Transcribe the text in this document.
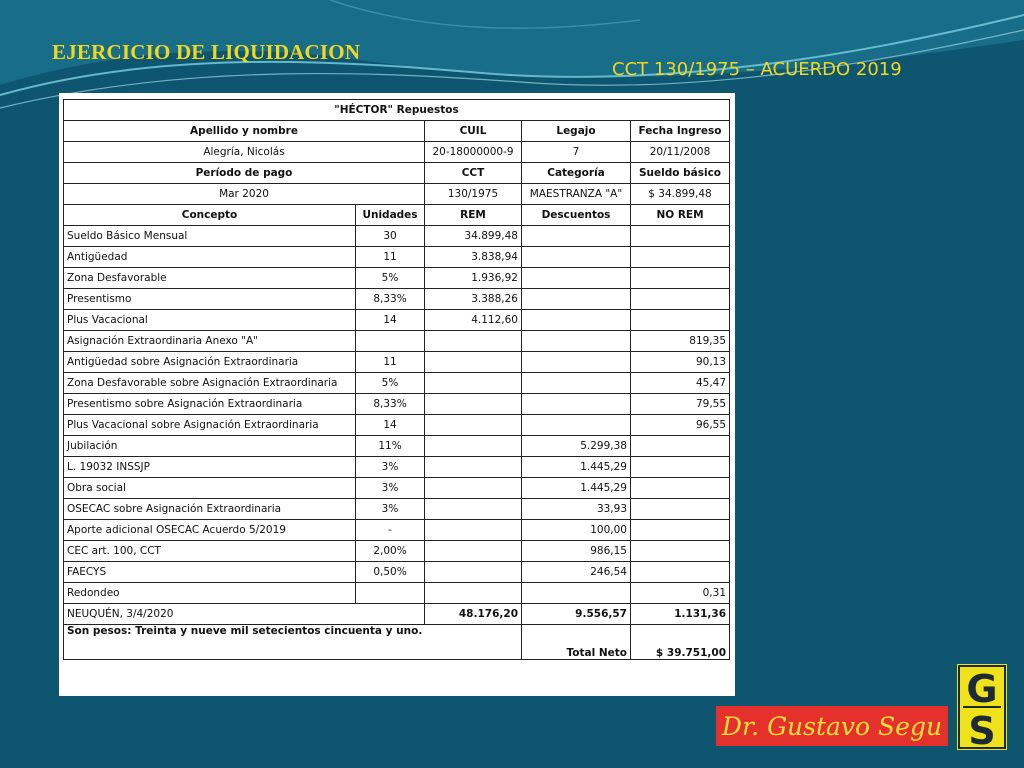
EJERCICIO DE LIQUIDACION
CCT 130/1975 – ACUERDO 2019
"HÉCTOR" Repuestos				
Apellido y nombre		CUIL	Legajo	Fecha Ingreso
Alegría, Nicolás		20-18000000-9	7	20/11/2008
Período de pago		CCT	Categoría	Sueldo básico
Mar 2020		130/1975	MAESTRANZA "A"	$ 34.899,48
Concepto	Unidades	REM	Descuentos	NO REM
Sueldo Básico Mensual	30	34.899,48		
Antigüedad	11	3.838,94		
Zona Desfavorable	5%	1.936,92		
Presentismo	8,33%	3.388,26		
Plus Vacacional	14	4.112,60		
Asignación Extraordinaria Anexo "A"				819,35
Antigüedad sobre Asignación Extraordinaria	11			90,13
Zona Desfavorable sobre Asignación Extraordinaria	5%			45,47
Presentismo sobre Asignación Extraordinaria	8,33%			79,55
Plus Vacacional sobre Asignación Extraordinaria	14			96,55
Jubilación	11%		5.299,38	
L. 19032 INSSJP	3%		1.445,29	
Obra social	3%		1.445,29	
OSECAC sobre Asignación Extraordinaria	3%		33,93	
Aporte adicional OSECAC Acuerdo 5/2019	-		100,00	
CEC art. 100, CCT	2,00%		986,15	
FAECYS	0,50%		246,54	
Redondeo				0,31
NEUQUÉN, 3/4/2020		48.176,20	9.556,57	1.131,36
Son pesos: Treinta y nueve mil setecientos cincuenta y uno.			Total Neto	$ 39.751,00
Dr. Gustavo Segu
G
S
